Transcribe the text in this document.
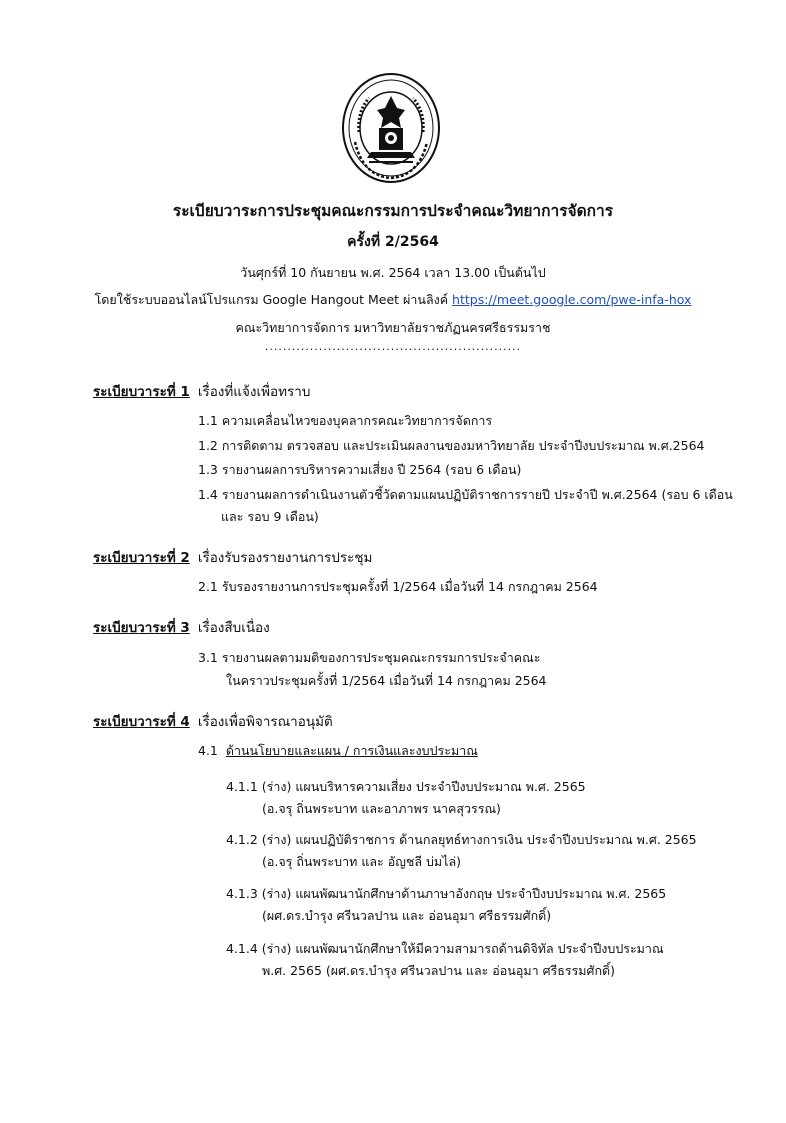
ระเบียบวาระการประชุมคณะกรรมการประจำคณะวิทยาการจัดการ
ครั้งที่ 2/2564
วันศุกร์ที่ 10 กันยายน พ.ศ. 2564 เวลา 13.00 เป็นต้นไป
โดยใช้ระบบออนไลน์โปรแกรม Google Hangout Meet ผ่านลิงค์ https://meet.google.com/pwe-infa-hox
คณะวิทยาการจัดการ มหาวิทยาลัยราชภัฏนครศรีธรรมราช
.........................................................
ระเบียบวาระที่ 1 เรื่องที่แจ้งเพื่อทราบ
1.1 ความเคลื่อนไหวของบุคลากรคณะวิทยาการจัดการ
1.2 การติดตาม ตรวจสอบ และประเมินผลงานของมหาวิทยาลัย ประจำปีงบประมาณ พ.ศ.2564
1.3 รายงานผลการบริหารความเสี่ยง ปี 2564 (รอบ 6 เดือน)
1.4 รายงานผลการดำเนินงานตัวชี้วัดตามแผนปฏิบัติราชการรายปี ประจำปี พ.ศ.2564 (รอบ 6 เดือน
และ รอบ 9 เดือน)
ระเบียบวาระที่ 2 เรื่องรับรองรายงานการประชุม
2.1 รับรองรายงานการประชุมครั้งที่ 1/2564 เมื่อวันที่ 14 กรกฎาคม 2564
ระเบียบวาระที่ 3 เรื่องสืบเนื่อง
3.1 รายงานผลตามมติของการประชุมคณะกรรมการประจำคณะ
ในคราวประชุมครั้งที่ 1/2564 เมื่อวันที่ 14 กรกฎาคม 2564
ระเบียบวาระที่ 4 เรื่องเพื่อพิจารณาอนุมัติ
4.1 ด้านนโยบายและแผน / การเงินและงบประมาณ
4.1.1 (ร่าง) แผนบริหารความเสี่ยง ประจำปีงบประมาณ พ.ศ. 2565
(อ.จรุ ถิ่นพระบาท และอาภาพร นาคสุวรรณ)
4.1.2 (ร่าง) แผนปฏิบัติราชการ ด้านกลยุทธ์ทางการเงิน ประจำปีงบประมาณ พ.ศ. 2565
(อ.จรุ ถิ่นพระบาท และ อัญชลี บ่มไล่)
4.1.3 (ร่าง) แผนพัฒนานักศึกษาด้านภาษาอังกฤษ ประจำปีงบประมาณ พ.ศ. 2565
(ผศ.ดร.บำรุง ศรีนวลปาน และ อ่อนอุมา ศรีธรรมศักดิ์)
4.1.4 (ร่าง) แผนพัฒนานักศึกษาให้มีความสามารถด้านดิจิทัล ประจำปีงบประมาณ
พ.ศ. 2565 (ผศ.ดร.บำรุง ศรีนวลปาน และ อ่อนอุมา ศรีธรรมศักดิ์)
